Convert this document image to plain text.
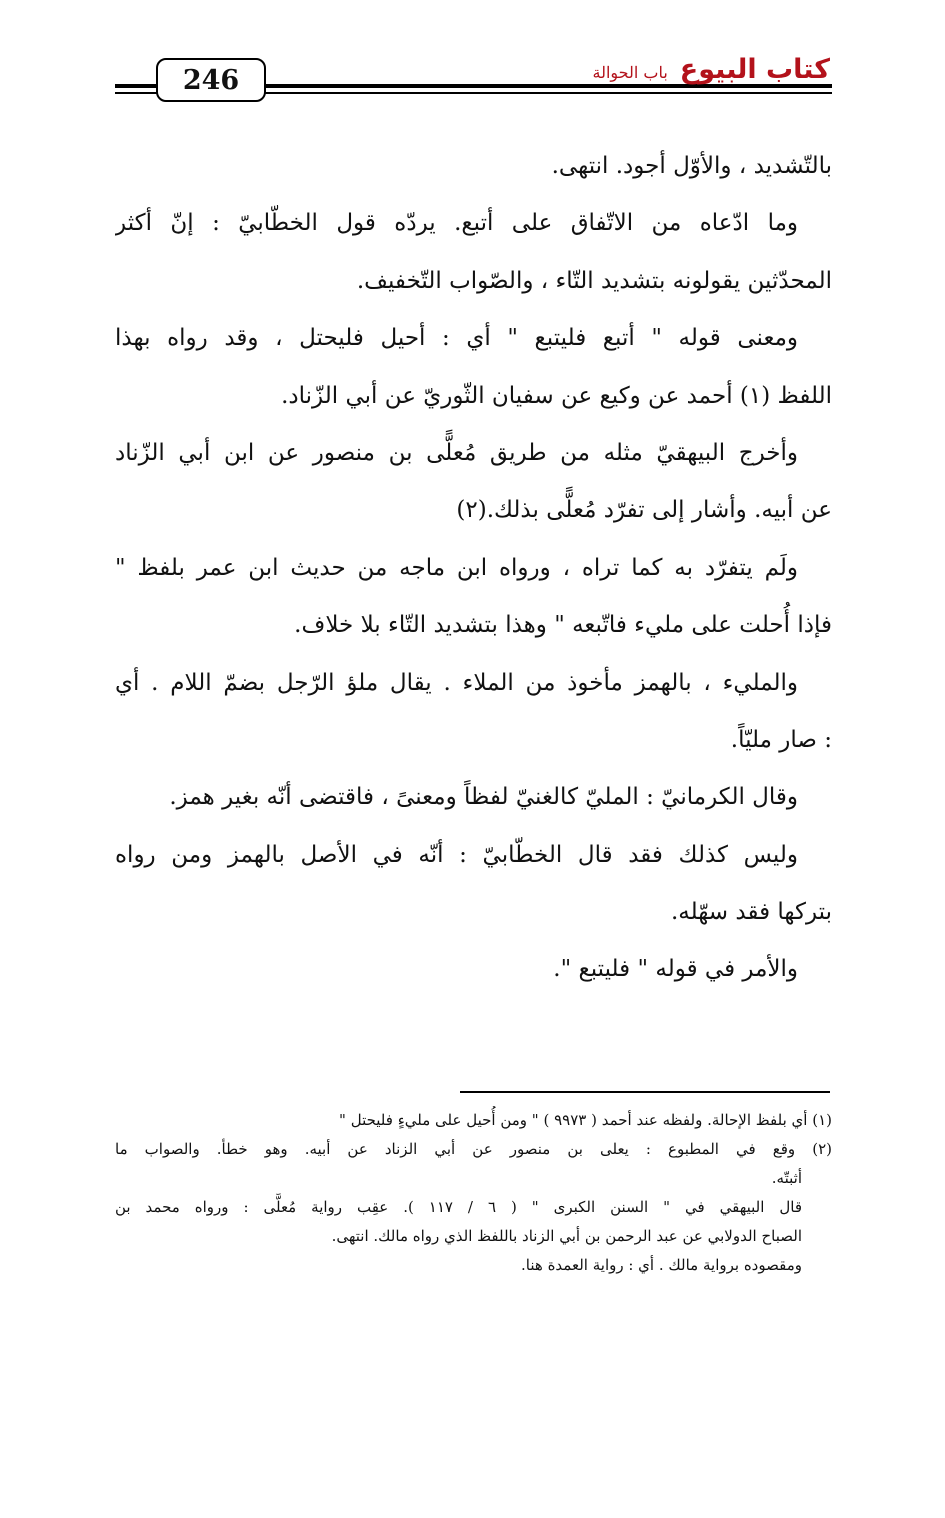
246	كتاب البيوع
باب الحوالة
بالتّشديد ، والأوّل أجود. انتهى.
وما ادّعاه من الاتّفاق على أتبع. يردّه قول الخطّابيّ : إنّ أكثر
المحدّثين يقولونه بتشديد التّاء ، والصّواب التّخفيف.
ومعنى قوله " أتبع فليتبع " أي : أحيل فليحتل ، وقد رواه بهذا
اللفظ (١) أحمد عن وكيع عن سفيان الثّوريّ عن أبي الزّناد.
وأخرج البيهقيّ مثله من طريق مُعلًّى بن منصور عن ابن أبي الزّناد
عن أبيه. وأشار إلى تفرّد مُعلًّى بذلك.(٢)
ولَم يتفرّد به كما تراه ، ورواه ابن ماجه من حديث ابن عمر بلفظ "
فإذا أُحلت على مليء فاتّبعه " وهذا بتشديد التّاء بلا خلاف.
والمليء ، بالهمز مأخوذ من الملاء . يقال ملؤ الرّجل بضمّ اللام . أي
: صار مليّاً.
وقال الكرمانيّ : المليّ كالغنيّ لفظاً ومعنىً ، فاقتضى أنّه بغير همز.
وليس كذلك فقد قال الخطّابيّ : أنّه في الأصل بالهمز ومن رواه
بتركها فقد سهّله.
والأمر في قوله " فليتبع ".
(١) أي بلفظ الإحالة. ولفظه عند أحمد ( ٩٩٧٣ ) " ومن أُحيل على مليءٍ فليحتل "
(٢) وقع في المطبوع : يعلى بن منصور عن أبي الزناد عن أبيه. وهو خطأ. والصواب ما
أثبتّه.
قال البيهقي في " السنن الكبرى " ( ٦ / ١١٧ ). عقِب رواية مُعلًّى : ورواه محمد بن
الصباح الدولابي عن عبد الرحمن بن أبي الزناد باللفظ الذي رواه مالك. انتهى.
ومقصوده برواية مالك . أي : رواية العمدة هنا.
